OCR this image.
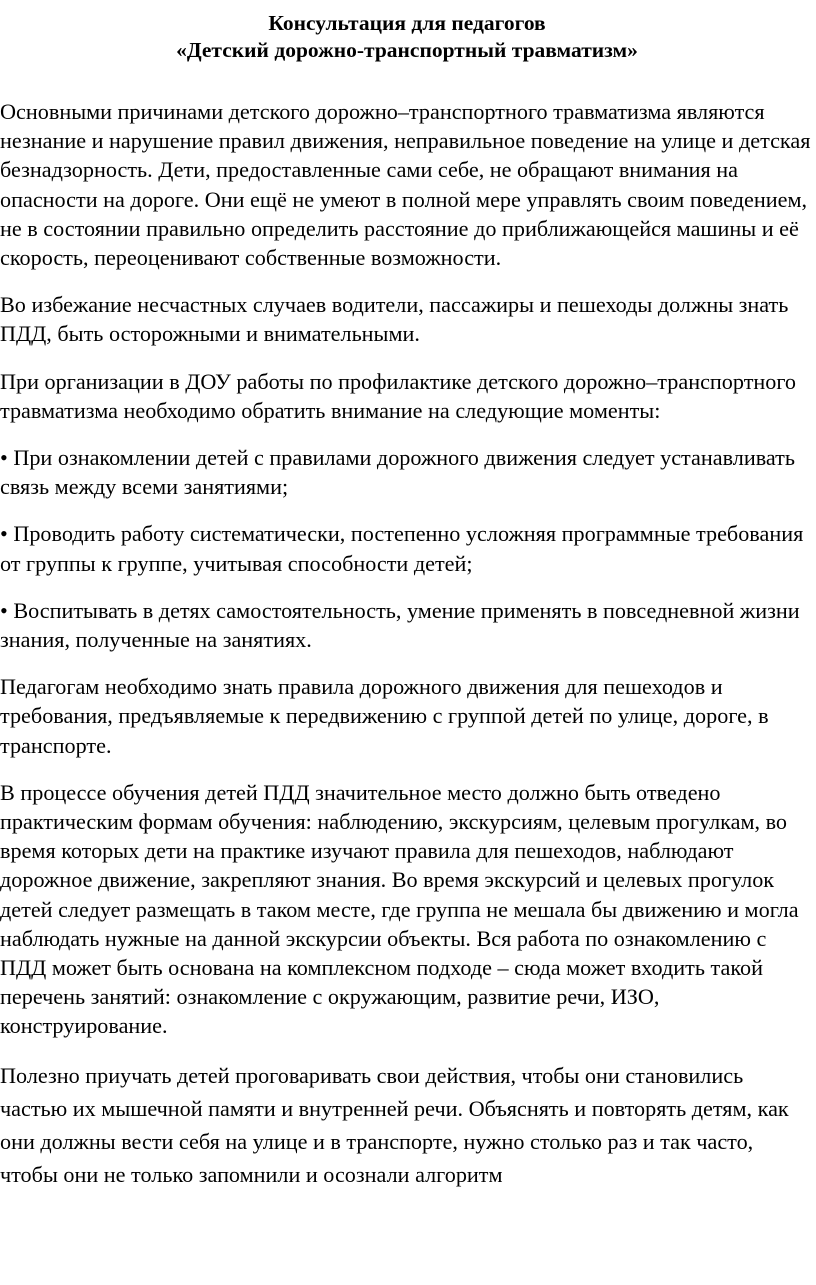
Консультация для педагогов
«Детский дорожно-транспортный травматизм»

Основными причинами детского дорожно–транспортного травматизма являются незнание и нарушение правил движения, неправильное поведение на улице и детская безнадзорность. Дети, предоставленные сами себе, не обращают внимания на опасности на дороге. Они ещё не умеют в полной мере управлять своим поведением, не в состоянии правильно определить расстояние до приближающейся машины и её скорость, переоценивают собственные возможности.

Во избежание несчастных случаев водители, пассажиры и пешеходы должны знать ПДД, быть осторожными и внимательными.

При организации в ДОУ работы по профилактике детского дорожно–транспортного травматизма необходимо обратить внимание на следующие моменты:

• При ознакомлении детей с правилами дорожного движения следует устанавливать связь между всеми занятиями;

• Проводить работу систематически, постепенно усложняя программные требования от группы к группе, учитывая способности детей;

• Воспитывать в детях самостоятельность, умение применять в повседневной жизни знания, полученные на занятиях.

Педагогам необходимо знать правила дорожного движения для пешеходов и требования, предъявляемые к передвижению с группой детей по улице, дороге, в транспорте.

В процессе обучения детей ПДД значительное место должно быть отведено практическим формам обучения: наблюдению, экскурсиям, целевым прогулкам, во время которых дети на практике изучают правила для пешеходов, наблюдают дорожное движение, закрепляют знания. Во время экскурсий и целевых прогулок детей следует размещать в таком месте, где группа не мешала бы движению и могла наблюдать нужные на данной экскурсии объекты. Вся работа по ознакомлению с ПДД может быть основана на комплексном подходе – сюда может входить такой перечень занятий: ознакомление с окружающим, развитие речи, ИЗО, конструирование.

Полезно приучать детей проговаривать свои действия, чтобы они становились частью их мышечной памяти и внутренней речи. Объяснять и повторять детям, как они должны вести себя на улице и в транспорте, нужно столько раз и так часто, чтобы они не только запомнили и осознали алгоритм
